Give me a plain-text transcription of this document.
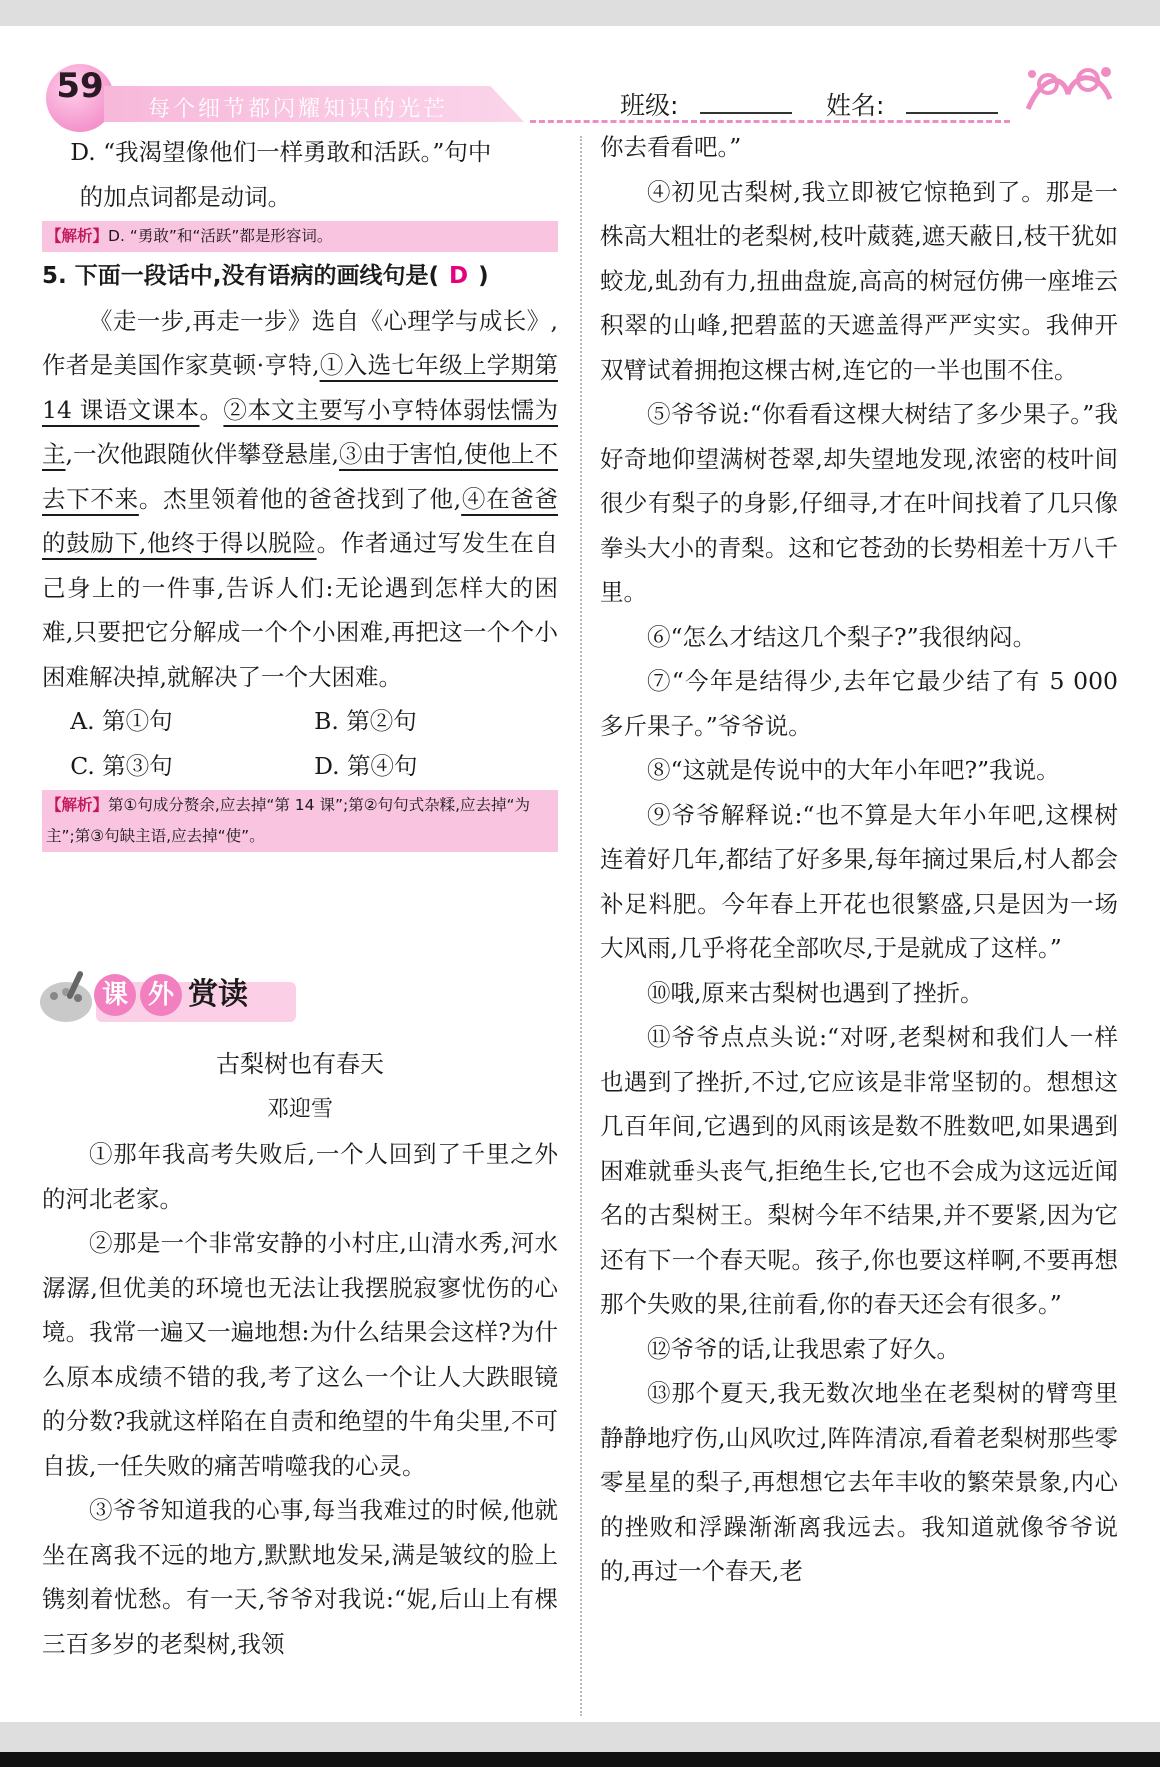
59
每个细节都闪耀知识的光芒	班级:	姓名:

D. “我渴望像他们一样勇敢和活跃。”句中

的加点词都是动词。

【解析】D. “勇敢”和“活跃”都是形容词。

5. 下面一段话中,没有语病的画线句是( D )

《走一步,再走一步》选自《心理学与成长》,作者是美国作家莫顿·亨特,①入选七年级上学期第 14 课语文课本。②本文主要写小亨特体弱怯懦为主,一次他跟随伙伴攀登悬崖,③由于害怕,使他上不去下不来。杰里领着他的爸爸找到了他,④在爸爸的鼓励下,他终于得以脱险。作者通过写发生在自己身上的一件事,告诉人们:无论遇到怎样大的困难,只要把它分解成一个个小困难,再把这一个个小困难解决掉,就解决了一个大困难。

A. 第①句	B. 第②句
C. 第③句	D. 第④句
【解析】第①句成分赘余,应去掉“第 14 课”;第②句句式杂糅,应去掉“为主”;第③句缺主语,应去掉“使”。
课 外 赏读
古梨树也有春天
邓迎雪

①那年我高考失败后,一个人回到了千里之外的河北老家。

②那是一个非常安静的小村庄,山清水秀,河水潺潺,但优美的环境也无法让我摆脱寂寥忧伤的心境。我常一遍又一遍地想:为什么结果会这样?为什么原本成绩不错的我,考了这么一个让人大跌眼镜的分数?我就这样陷在自责和绝望的牛角尖里,不可自拔,一任失败的痛苦啃噬我的心灵。

③爷爷知道我的心事,每当我难过的时候,他就坐在离我不远的地方,默默地发呆,满是皱纹的脸上镌刻着忧愁。有一天,爷爷对我说:“妮,后山上有棵三百多岁的老梨树,我领

你去看看吧。”

④初见古梨树,我立即被它惊艳到了。那是一株高大粗壮的老梨树,枝叶葳蕤,遮天蔽日,枝干犹如蛟龙,虬劲有力,扭曲盘旋,高高的树冠仿佛一座堆云积翠的山峰,把碧蓝的天遮盖得严严实实。我伸开双臂试着拥抱这棵古树,连它的一半也围不住。

⑤爷爷说:“你看看这棵大树结了多少果子。”我好奇地仰望满树苍翠,却失望地发现,浓密的枝叶间很少有梨子的身影,仔细寻,才在叶间找着了几只像拳头大小的青梨。这和它苍劲的长势相差十万八千里。

⑥“怎么才结这几个梨子?”我很纳闷。

⑦“今年是结得少,去年它最少结了有 5 000 多斤果子。”爷爷说。

⑧“这就是传说中的大年小年吧?”我说。

⑨爷爷解释说:“也不算是大年小年吧,这棵树连着好几年,都结了好多果,每年摘过果后,村人都会补足料肥。今年春上开花也很繁盛,只是因为一场大风雨,几乎将花全部吹尽,于是就成了这样。”

⑩哦,原来古梨树也遇到了挫折。

⑪爷爷点点头说:“对呀,老梨树和我们人一样也遇到了挫折,不过,它应该是非常坚韧的。想想这几百年间,它遇到的风雨该是数不胜数吧,如果遇到困难就垂头丧气,拒绝生长,它也不会成为这远近闻名的古梨树王。梨树今年不结果,并不要紧,因为它还有下一个春天呢。孩子,你也要这样啊,不要再想那个失败的果,往前看,你的春天还会有很多。”

⑫爷爷的话,让我思索了好久。

⑬那个夏天,我无数次地坐在老梨树的臂弯里静静地疗伤,山风吹过,阵阵清凉,看着老梨树那些零零星星的梨子,再想想它去年丰收的繁荣景象,内心的挫败和浮躁渐渐离我远去。我知道就像爷爷说的,再过一个春天,老
